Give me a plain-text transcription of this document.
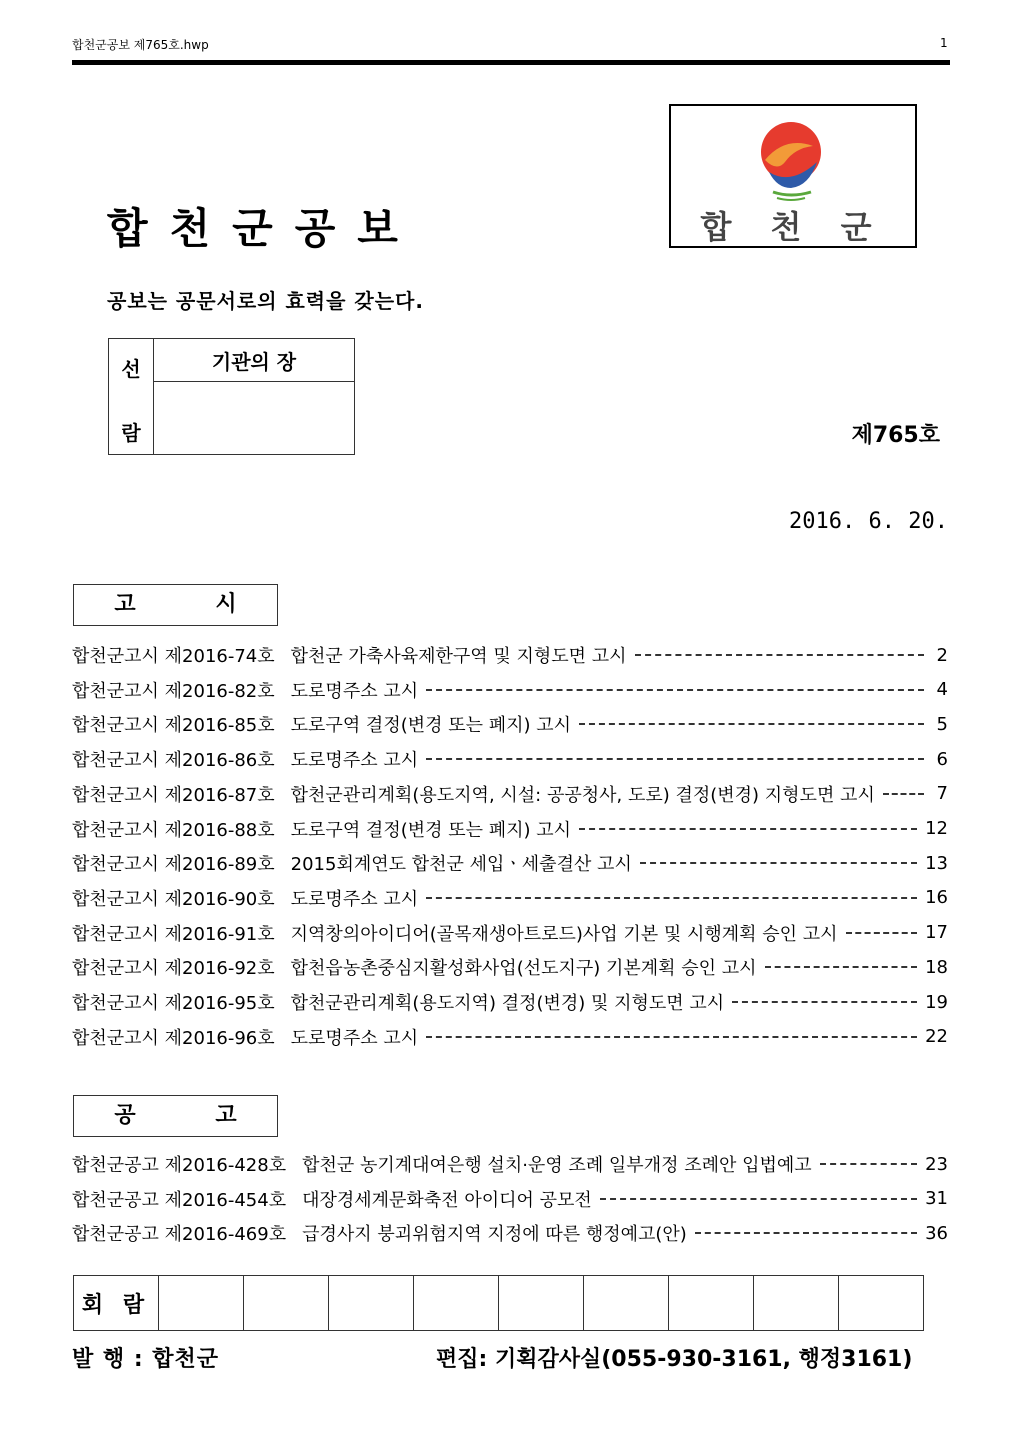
합천군공보 제765호.hwp	1
합 천 군
합천군공보
공보는 공문서로의 효력을 갖는다.
선
람
	기관의 장

제765호
2016. 6. 20.
고 시
합천군고시 제2016-74호 합천군 가축사육제한구역 및 지형도면 고시	2
합천군고시 제2016-82호 도로명주소 고시	4
합천군고시 제2016-85호 도로구역 결정(변경 또는 폐지) 고시	5
합천군고시 제2016-86호 도로명주소 고시	6
합천군고시 제2016-87호 합천군관리계획(용도지역, 시설: 공공청사, 도로) 결정(변경) 지형도면 고시	7
합천군고시 제2016-88호 도로구역 결정(변경 또는 폐지) 고시	12
합천군고시 제2016-89호 2015회계연도 합천군 세입ㆍ세출결산 고시	13
합천군고시 제2016-90호 도로명주소 고시	16
합천군고시 제2016-91호 지역창의아이디어(골목재생아트로드)사업 기본 및 시행계획 승인 고시	17
합천군고시 제2016-92호 합천읍농촌중심지활성화사업(선도지구) 기본계획 승인 고시	18
합천군고시 제2016-95호 합천군관리계획(용도지역) 결정(변경) 및 지형도면 고시	19
합천군고시 제2016-96호 도로명주소 고시	22
공 고
합천군공고 제2016-428호 합천군 농기계대여은행 설치·운영 조례 일부개정 조례안 입법예고	23
합천군공고 제2016-454호 대장경세계문화축전 아이디어 공모전	31
합천군공고 제2016-469호 급경사지 붕괴위험지역 지정에 따른 행정예고(안)	36
회 람									
발 행 : 합천군	편집: 기획감사실(055-930-3161, 행정3161)
